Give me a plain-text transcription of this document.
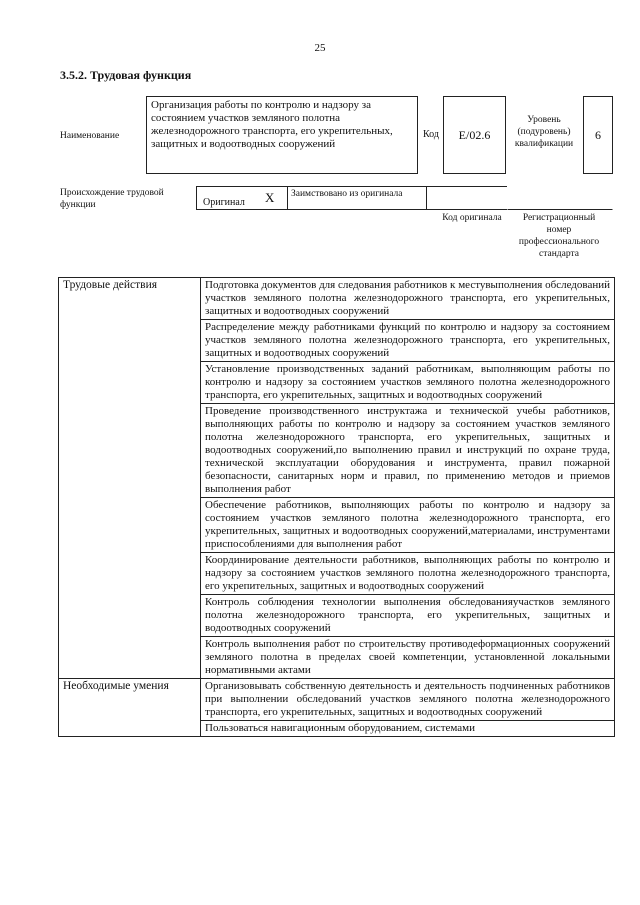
25
3.5.2. Трудовая функция
Наименование
Организация работы по контролю и надзору за состоянием участков земляного полотна железнодорожного транспорта, его укрепительных, защитных и водоотводных сооружений
Код	E/02.6
Уровень (подуровень) квалификации
6
Происхождение трудовой функции	Оригинал X	Заимствовано из оригинала
Код оригинала	Регистрационный номер профессионального стандарта
Трудовые действия	Подготовка документов для следования работников к местувыполнения обследований участков земляного полотна железнодорожного транспорта, его укрепительных, защитных и водоотводных сооружений
	Распределение между работниками функций по контролю и надзору за состоянием участков земляного полотна железнодорожного транспорта, его укрепительных, защитных и водоотводных сооружений
	Установление производственных заданий работникам, выполняющим работы по контролю и надзору за состоянием участков земляного полотна железнодорожного транспорта, его укрепительных, защитных и водоотводных сооружений
	Проведение производственного инструктажа и технической учебы работников, выполняющих работы по контролю и надзору за состоянием участков земляного полотна железнодорожного транспорта, его укрепительных, защитных и водоотводных сооружений,по выполнению правил и инструкций по охране труда, технической эксплуатации оборудования и инструмента, правил пожарной безопасности, санитарных норм и правил, по применению методов и приемов выполнения работ
	Обеспечение работников, выполняющих работы по контролю и надзору за состоянием участков земляного полотна железнодорожного транспорта, его укрепительных, защитных и водоотводных сооружений,материалами, инструментами приспособлениями для выполнения работ
	Координирование деятельности работников, выполняющих работы по контролю и надзору за состоянием участков земляного полотна железнодорожного транспорта, его укрепительных, защитных и водоотводных сооружений
	Контроль соблюдения технологии выполнения обследованияучастков земляного полотна железнодорожного транспорта, его укрепительных, защитных и водоотводных сооружений
	Контроль выполнения работ по строительству противодеформационных сооружений земляного полотна в пределах своей компетенции, установленной локальными нормативными актами
Необходимые умения	Организовывать собственную деятельность и деятельность подчиненных работников при выполнении обследований участков земляного полотна железнодорожного транспорта, его укрепительных, защитных и водоотводных сооружений
	Пользоваться навигационным оборудованием, системами
